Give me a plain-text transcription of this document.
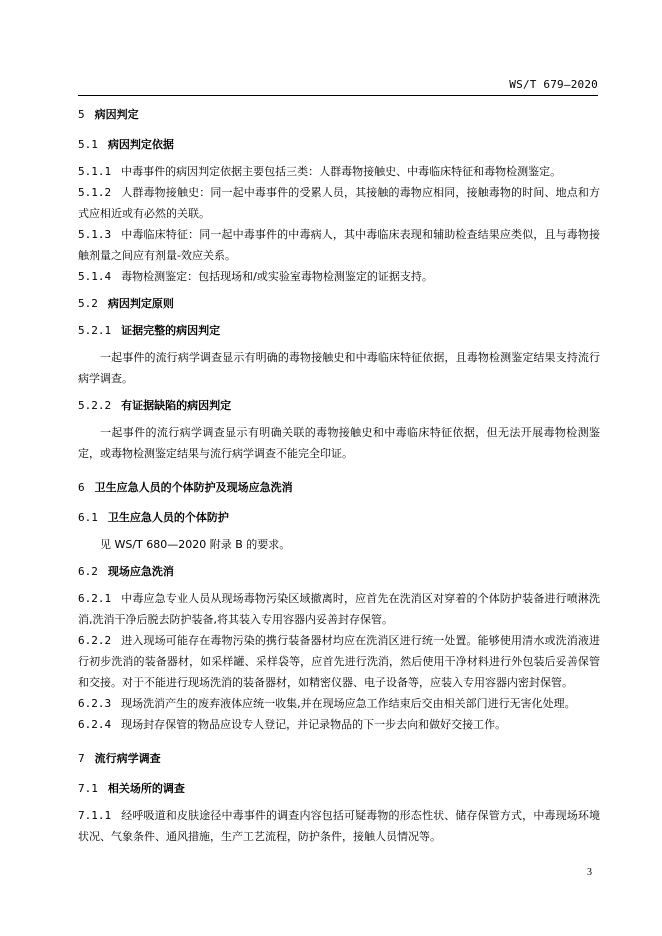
WS/T 679—2020
5 病因判定
5.1 病因判定依据

5.1.1 中毒事件的病因判定依据主要包括三类：人群毒物接触史、中毒临床特征和毒物检测鉴定。

5.1.2 人群毒物接触史：同一起中毒事件的受累人员，其接触的毒物应相同，接触毒物的时间、地点和方式应相近或有必然的关联。

5.1.3 中毒临床特征：同一起中毒事件的中毒病人，其中毒临床表现和辅助检查结果应类似，且与毒物接触剂量之间应有剂量-效应关系。

5.1.4 毒物检测鉴定：包括现场和/或实验室毒物检测鉴定的证据支持。

5.2 病因判定原则
5.2.1 证据完整的病因判定

一起事件的流行病学调查显示有明确的毒物接触史和中毒临床特征依据，且毒物检测鉴定结果支持流行病学调查。

5.2.2 有证据缺陷的病因判定

一起事件的流行病学调查显示有明确关联的毒物接触史和中毒临床特征依据，但无法开展毒物检测鉴定，或毒物检测鉴定结果与流行病学调查不能完全印证。

6 卫生应急人员的个体防护及现场应急洗消
6.1 卫生应急人员的个体防护

见 WS/T 680—2020 附录 B 的要求。

6.2 现场应急洗消

6.2.1 中毒应急专业人员从现场毒物污染区域撤离时，应首先在洗消区对穿着的个体防护装备进行喷淋洗消,洗消干净后脱去防护装备,将其装入专用容器内妥善封存保管。

6.2.2 进入现场可能存在毒物污染的携行装备器材均应在洗消区进行统一处置。能够使用清水或洗消液进行初步洗消的装备器材，如采样罐、采样袋等，应首先进行洗消，然后使用干净材料进行外包装后妥善保管和交接。对于不能进行现场洗消的装备器材，如精密仪器、电子设备等，应装入专用容器内密封保管。

6.2.3 现场洗消产生的废弃液体应统一收集,并在现场应急工作结束后交由相关部门进行无害化处理。

6.2.4 现场封存保管的物品应设专人登记，并记录物品的下一步去向和做好交接工作。

7 流行病学调查
7.1 相关场所的调查

7.1.1 经呼吸道和皮肤途径中毒事件的调查内容包括可疑毒物的形态性状、储存保管方式，中毒现场环境状况、气象条件、通风措施，生产工艺流程，防护条件，接触人员情况等。

3
